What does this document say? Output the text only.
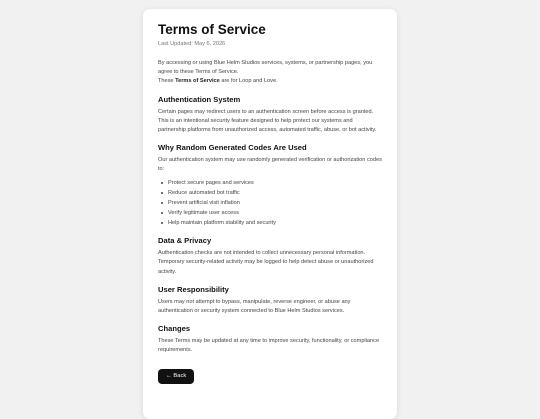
Terms of Service
Last Updated: May 6, 2026

By accessing or using Blue Helm Studios services, systems, or partnership pages, you agree to these Terms of Service.
These Terms of Service are for Loop and Love.

Authentication System

Certain pages may redirect users to an authentication screen before access is granted. This is an intentional security feature designed to help protect our systems and partnership platforms from unauthorized access, automated traffic, abuse, or bot activity.

Why Random Generated Codes Are Used

Our authentication system may use randomly generated verification or authorization codes to:

Protect secure pages and services
Reduce automated bot traffic
Prevent artificial visit inflation
Verify legitimate user access
Help maintain platform stability and security
Data & Privacy

Authentication checks are not intended to collect unnecessary personal information. Temporary security-related activity may be logged to help detect abuse or unauthorized activity.

User Responsibility

Users may not attempt to bypass, manipulate, reverse engineer, or abuse any authentication or security system connected to Blue Helm Studios services.

Changes

These Terms may be updated at any time to improve security, functionality, or compliance requirements.

← Back
